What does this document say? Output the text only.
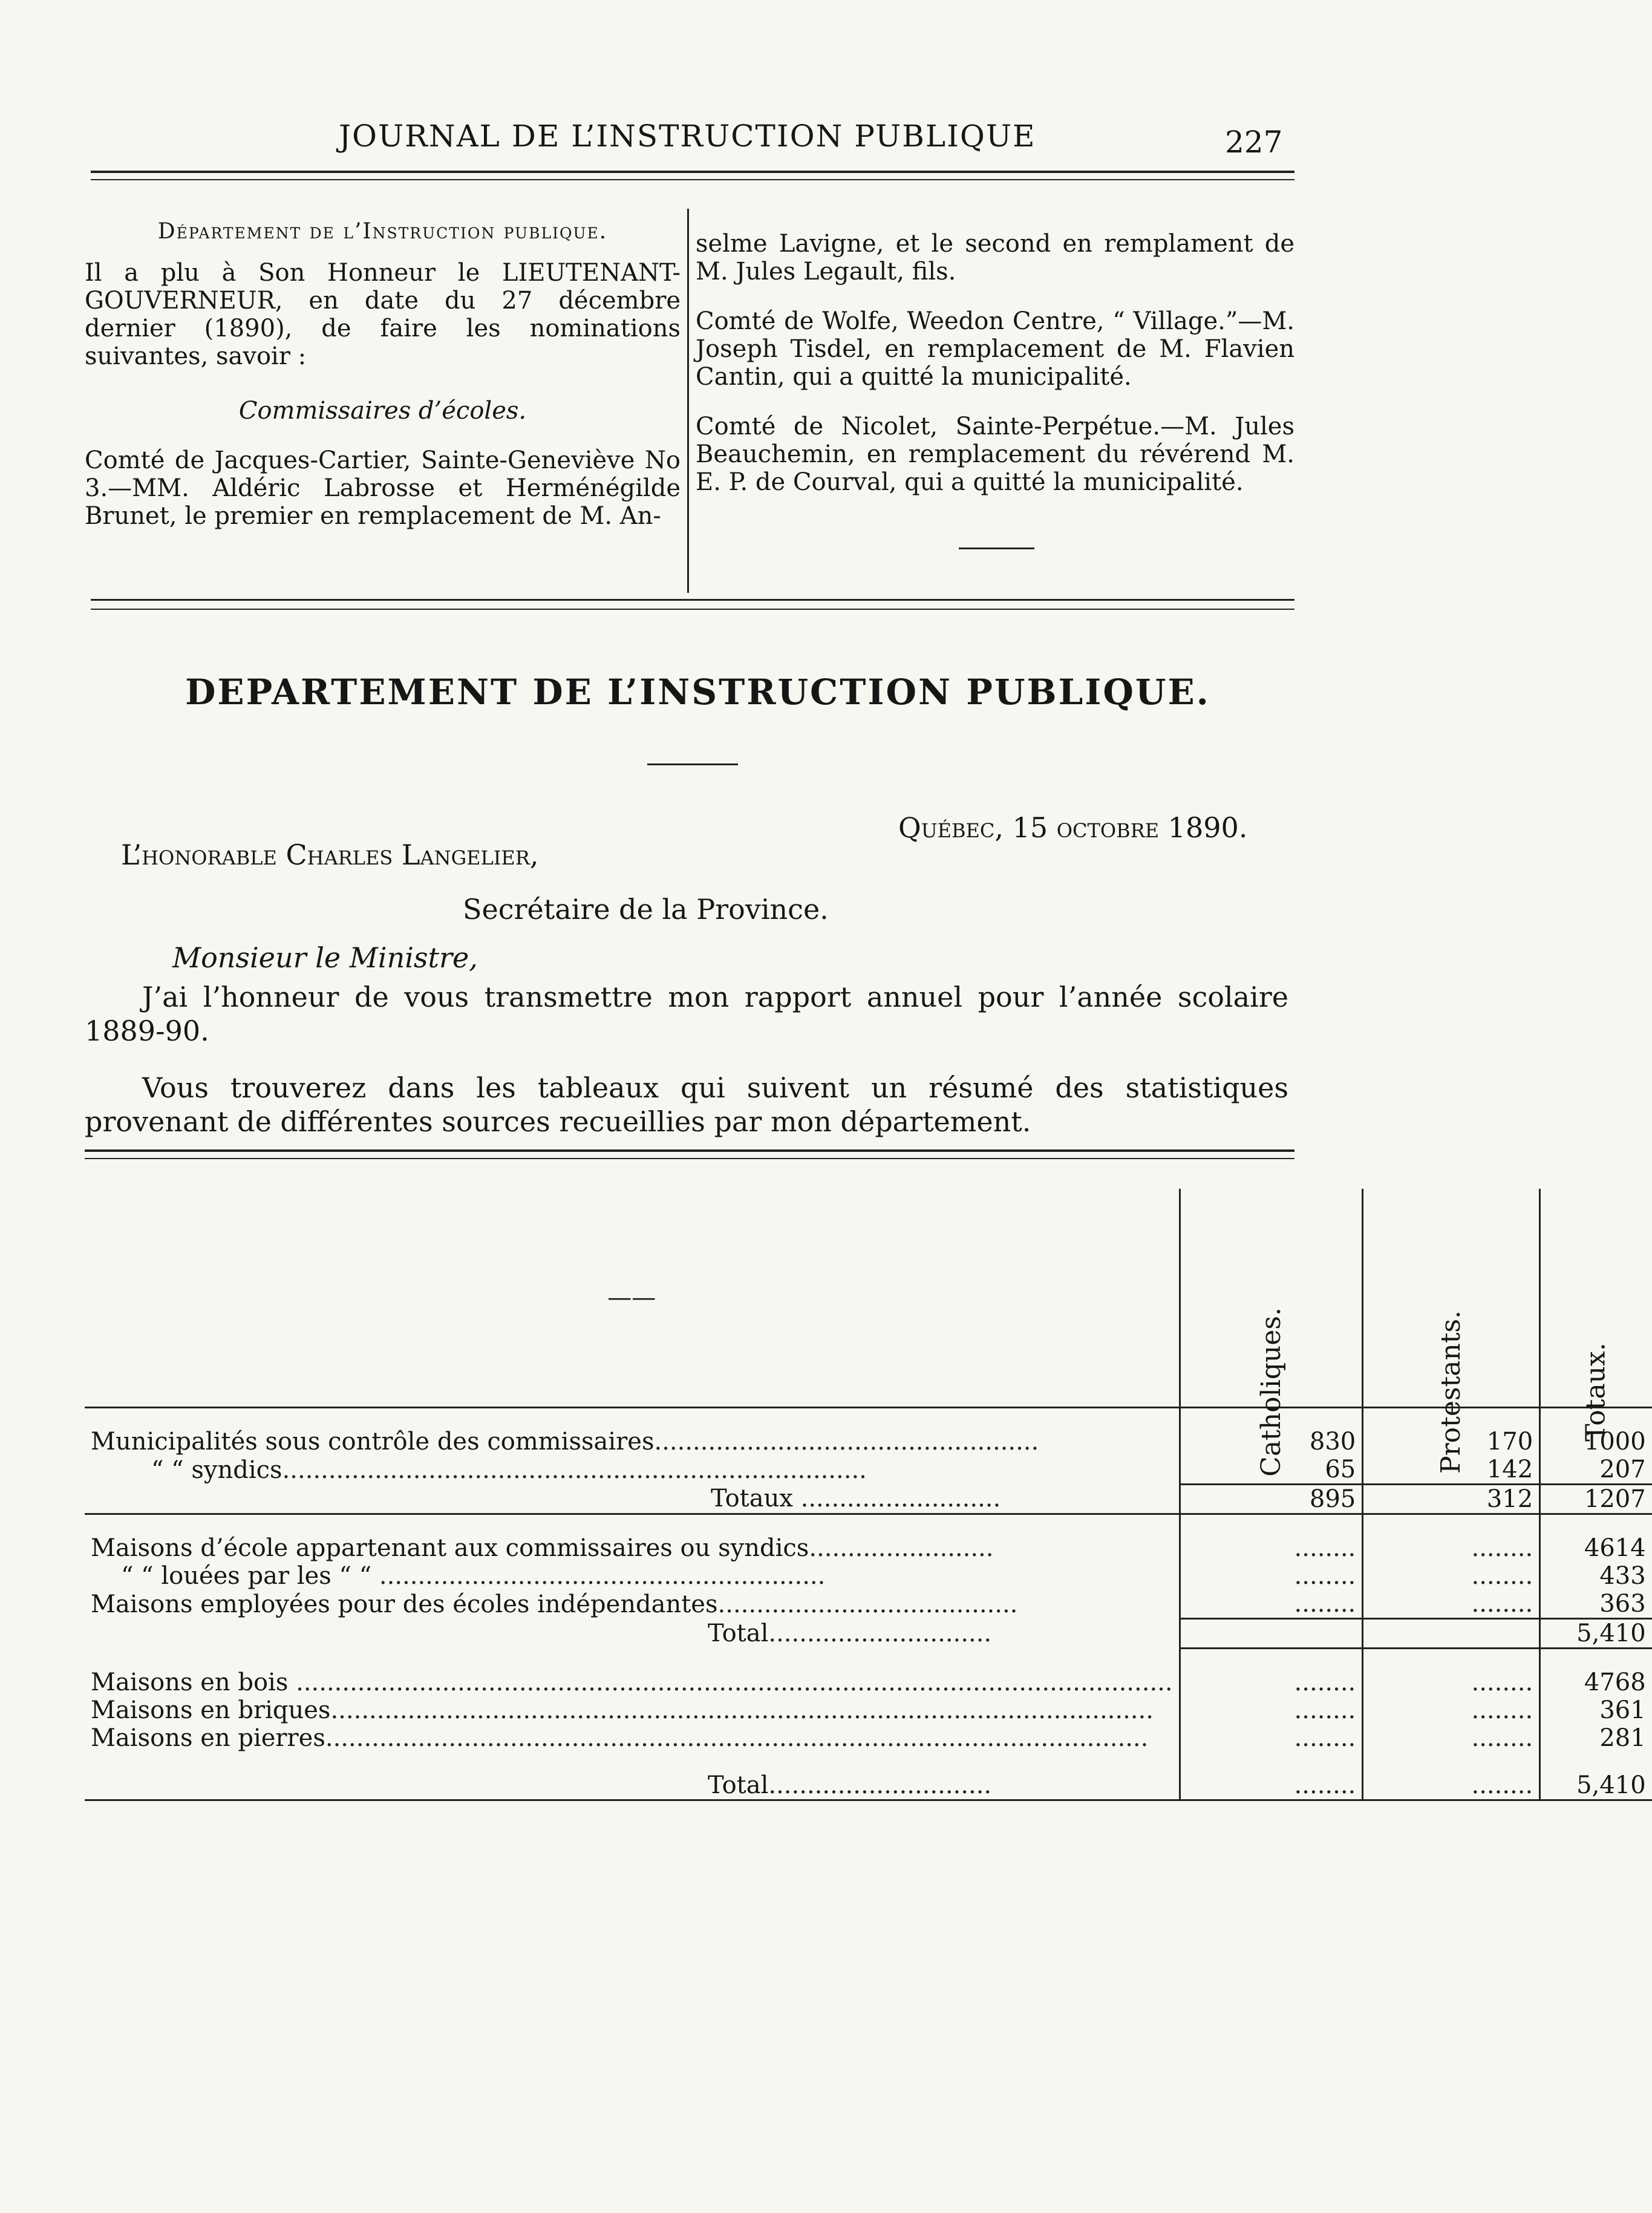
JOURNAL DE L’INSTRUCTION PUBLIQUE	227

Département de l’Instruction publique.

Il a plu à Son Honneur le LIEUTENANT-GOUVERNEUR, en date du 27 décembre dernier (1890), de faire les nominations suivantes, savoir :

Commissaires d’écoles.

Comté de Jacques-Cartier, Sainte-Geneviève No 3.—MM. Aldéric Labrosse et Herménégilde Brunet, le premier en remplacement de M. An-

selme Lavigne, et le second en remplament de M. Jules Legault, fils.

Comté de Wolfe, Weedon Centre, “ Village.”—M. Joseph Tisdel, en remplacement de M. Flavien Cantin, qui a quitté la municipalité.

Comté de Nicolet, Sainte-Perpétue.—M. Jules Beauchemin, en remplacement du révérend M. E. P. de Courval, qui a quitté la municipalité.

DEPARTEMENT DE L’INSTRUCTION PUBLIQUE.
Québec, 15 octobre 1890.
L’honorable Charles Langelier,
Secrétaire de la Province.
Monsieur le Ministre,
J’ai l’honneur de vous transmettre mon rapport annuel pour l’année scolaire 1889-90.
Vous trouverez dans les tableaux qui suivent un résumé des statistiques provenant de différentes sources recueillies par mon département.
——	Catholiques.	Protestants.	Totaux.

Municipalités sous contrôle des commissaires..................................................	830	170	1000
“ “ syndics............................................................................	65	142	207
Totaux ..........................	895	312	1207

Maisons d’école appartenant aux commissaires ou syndics........................	........	........	4614
“ “ louées par les “ “ ..........................................................	........	........	433
Maisons employées pour des écoles indépendantes.......................................	........	........	363
Total.............................			5,410

Maisons en bois ..................................................................................................................	........	........	4768
Maisons en briques...........................................................................................................	........	........	361
Maisons en pierres...........................................................................................................	........	........	281

Total.............................	........	........	5,410
